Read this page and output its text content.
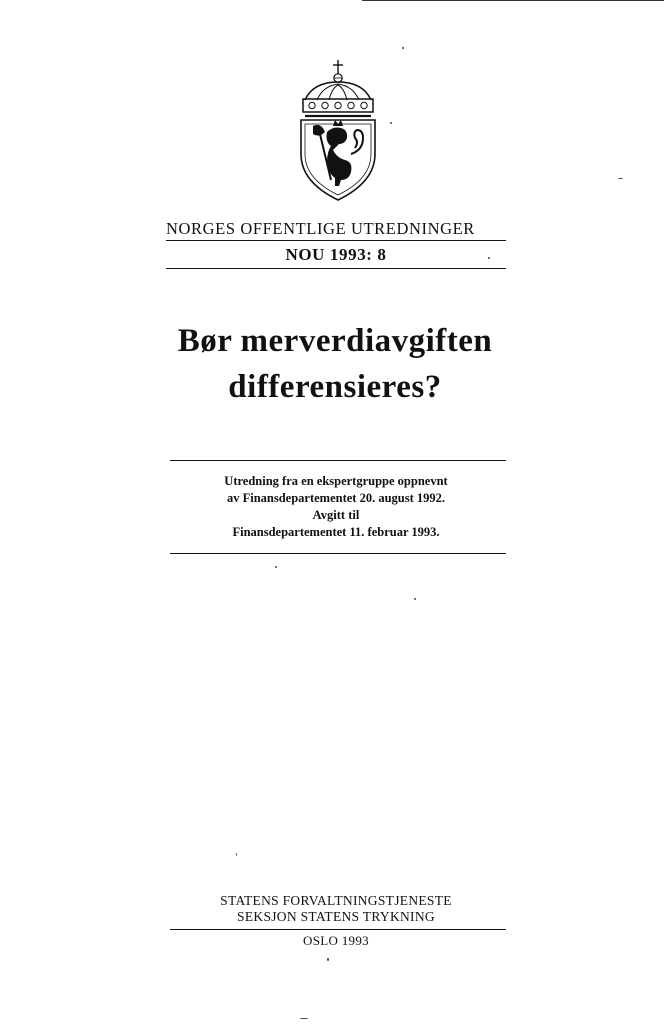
NORGES OFFENTLIGE UTREDNINGER
NOU 1993: 8
Bør merverdiavgiften
differensieres?
Utredning fra en ekspertgruppe oppnevnt
av Finansdepartementet 20. august 1992.
Avgitt til
Finansdepartementet 11. februar 1993.
STATENS FORVALTNINGSTJENESTE
SEKSJON STATENS TRYKNING
OSLO 1993
